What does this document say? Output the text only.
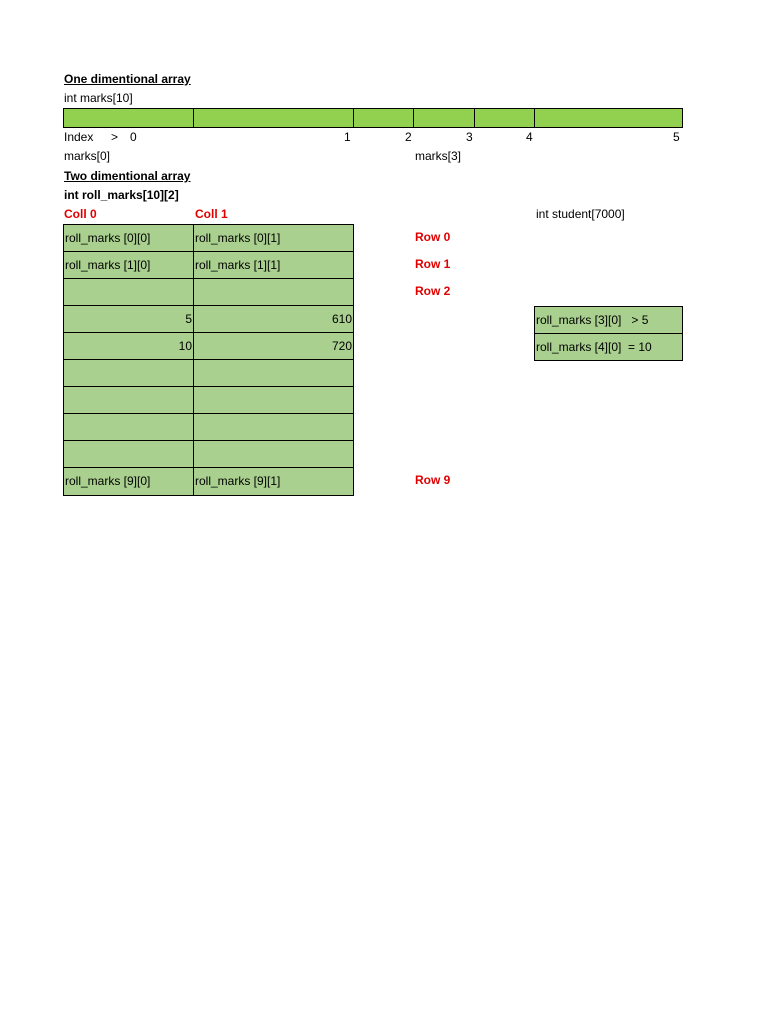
One dimentional array
int marks[10]
Index > 0	1	2	3	4	5
marks[0]	marks[3]
Two dimentional array
int roll_marks[10][2]
Coll 0	Coll 1	int student[7000]
roll_marks [0][0]	roll_marks [0][1]
roll_marks [1][0]	roll_marks [1][1]
5	610
10	720
roll_marks [9][0]	roll_marks [9][1]
Row 0
Row 1
Row 2
Row 9
roll_marks [3][0]   > 5
roll_marks [4][0]  = 10
